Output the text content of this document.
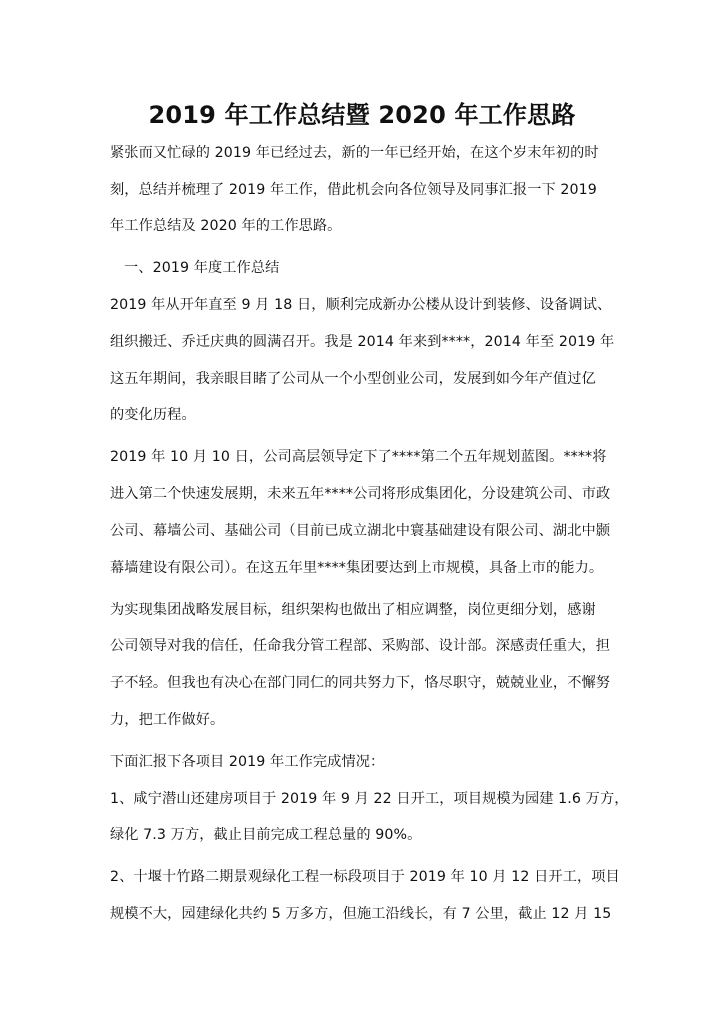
2019 年工作总结暨 2020 年工作思路
紧张而又忙碌的 2019 年已经过去，新的一年已经开始，在这个岁末年初的时
刻，总结并梳理了 2019 年工作，借此机会向各位领导及同事汇报一下 2019
年工作总结及 2020 年的工作思路。
一、2019 年度工作总结
2019 年从开年直至 9 月 18 日，顺利完成新办公楼从设计到装修、设备调试、
组织搬迁、乔迁庆典的圆满召开。我是 2014 年来到****，2014 年至 2019 年
这五年期间，我亲眼目睹了公司从一个小型创业公司，发展到如今年产值过亿
的变化历程。
2019 年 10 月 10 日，公司高层领导定下了****第二个五年规划蓝图。****将
进入第二个快速发展期，未来五年****公司将形成集团化，分设建筑公司、市政
公司、幕墙公司、基础公司（目前已成立湖北中寰基础建设有限公司、湖北中颢
幕墙建设有限公司）。在这五年里****集团要达到上市规模，具备上市的能力。
为实现集团战略发展目标，组织架构也做出了相应调整，岗位更细分划，感谢
公司领导对我的信任，任命我分管工程部、采购部、设计部。深感责任重大，担
子不轻。但我也有决心在部门同仁的同共努力下，恪尽职守，兢兢业业，不懈努
力，把工作做好。
下面汇报下各项目 2019 年工作完成情况：
1、咸宁潜山还建房项目于 2019 年 9 月 22 日开工，项目规模为园建 1.6 万方，
绿化 7.3 万方，截止目前完成工程总量的 90%。
2、十堰十竹路二期景观绿化工程一标段项目于 2019 年 10 月 12 日开工，项目
规模不大，园建绿化共约 5 万多方，但施工沿线长，有 7 公里，截止 12 月 15
